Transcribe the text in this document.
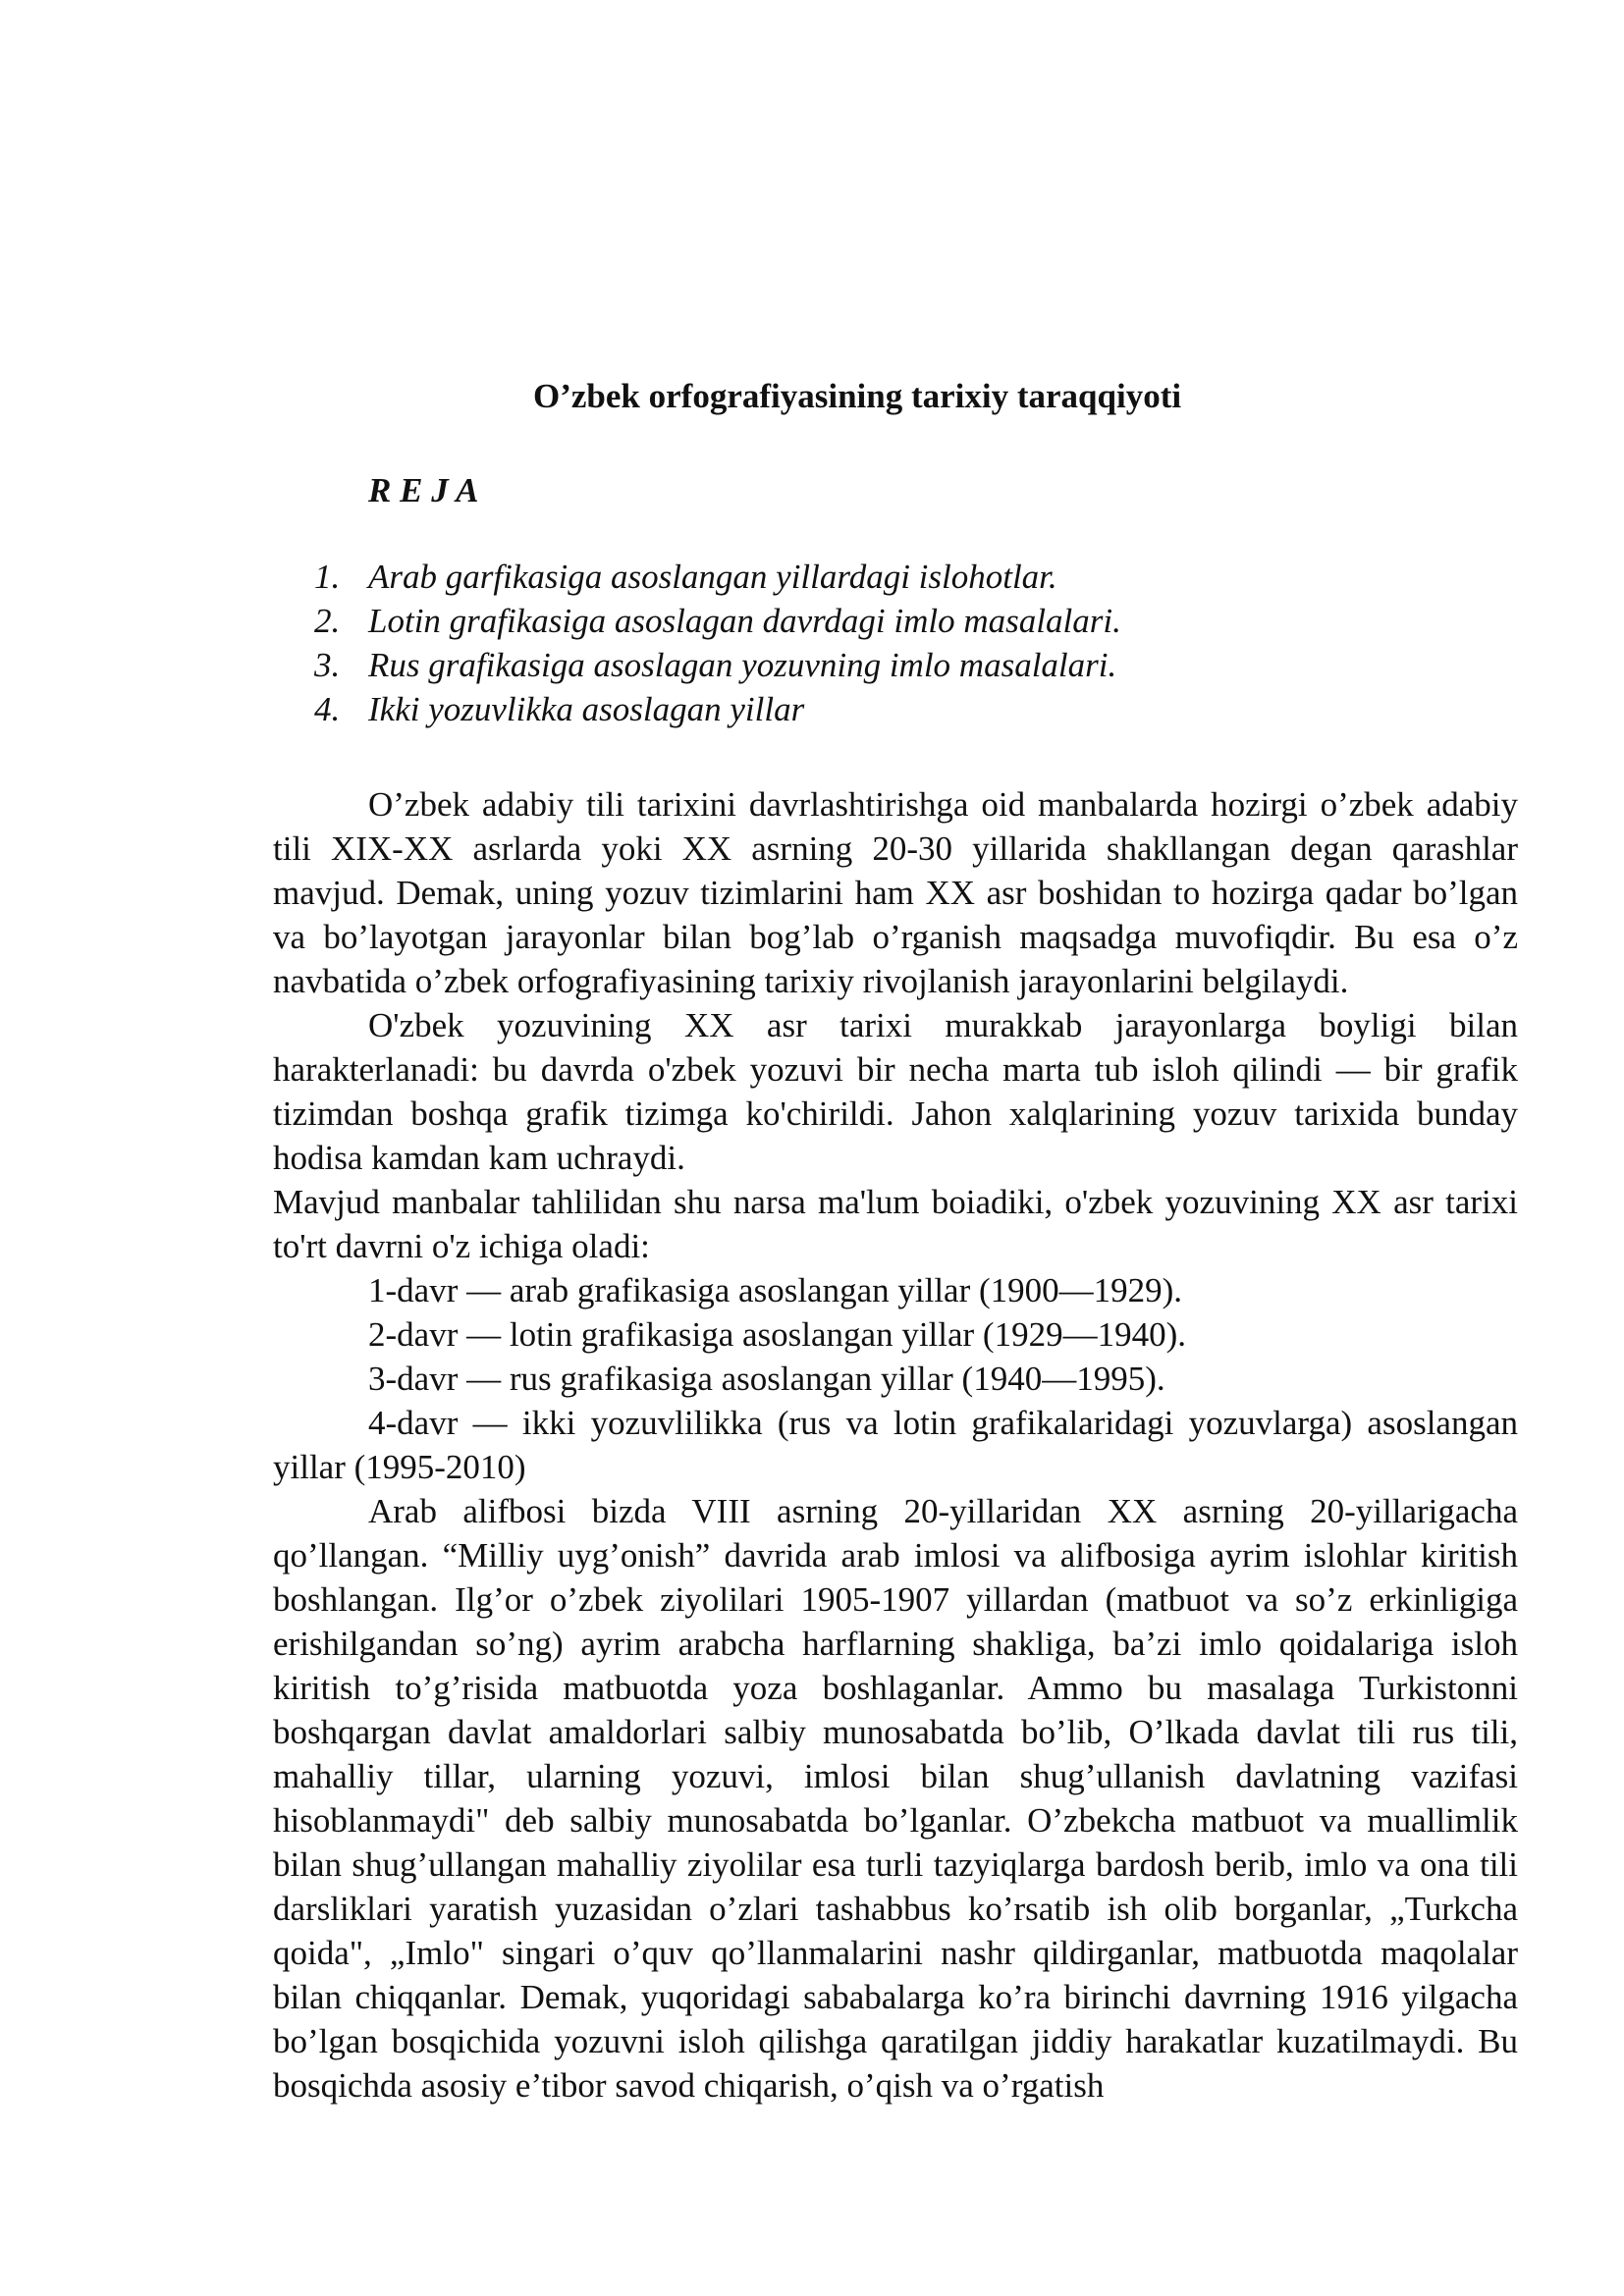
O’zbek orfografiyasining tarixiy taraqqiyoti
R E J A
1. Arab garfikasiga asoslangan yillardagi islohotlar.
2. Lotin grafikasiga asoslagan davrdagi imlo masalalari.
3. Rus grafikasiga asoslagan yozuvning imlo masalalari.
4. Ikki yozuvlikka asoslagan yillar

O’zbek adabiy tili tarixini davrlashtirishga oid manbalarda hozirgi o’zbek adabiy tili XIX-XX asrlarda yoki XX asrning 20-30 yillarida shakllangan degan qarashlar mavjud. Demak, uning yozuv tizimlarini ham XX asr boshidan to hozirga qadar bo’lgan va bo’layotgan jarayonlar bilan bog’lab o’rganish maqsadga muvofiqdir. Bu esa o’z navbatida o’zbek orfografiyasining tarixiy rivojlanish jarayonlarini belgilaydi.

O'zbek yozuvining XX asr tarixi murakkab jarayonlarga boyligi bilan harakterlanadi: bu davrda o'zbek yozuvi bir necha marta tub isloh qilindi — bir grafik tizimdan boshqa grafik tizimga ko'chirildi. Jahon xalqlarining yozuv tarixida bunday hodisa kamdan kam uchraydi.

Mavjud manbalar tahlilidan shu narsa ma'lum boiadiki, o'zbek yozuvining XX asr tarixi to'rt davrni o'z ichiga oladi:

1-davr — arab grafikasiga asoslangan yillar (1900—1929).

2-davr — lotin grafikasiga asoslangan yillar (1929—1940).

3-davr — rus grafikasiga asoslangan yillar (1940—1995).

4-davr — ikki yozuvlilikka (rus va lotin grafikalaridagi yozuvlarga) asoslangan yillar (1995-2010)

Arab alifbosi bizda VIII asrning 20-yillaridan XX asrning 20-yillarigacha qo’llangan. “Milliy uyg’onish” davrida arab imlosi va alifbosiga ayrim islohlar kiritish boshlangan. Ilg’or o’zbek ziyolilari 1905-1907 yillardan (matbuot va so’z erkinligiga erishilgandan so’ng) ayrim arabcha harflarning shakliga, ba’zi imlo qoidalariga isloh kiritish to’g’risida matbuotda yoza boshlaganlar. Ammo bu masalaga Turkistonni boshqargan davlat amaldorlari salbiy munosabatda bo’lib, O’lkada davlat tili rus tili, mahalliy tillar, ularning yozuvi, imlosi bilan shug’ullanish davlatning vazifasi hisoblanmaydi" deb salbiy munosabatda bo’lganlar. O’zbekcha matbuot va muallimlik bilan shug’ullangan mahalliy ziyolilar esa turli tazyiqlarga bardosh berib, imlo va ona tili darsliklari yaratish yuzasidan o’zlari tashabbus ko’rsatib ish olib borganlar, „Turkcha qoida", „Imlo" singari o’quv qo’llanmalarini nashr qildirganlar, matbuotda maqolalar bilan chiqqanlar. Demak, yuqoridagi sababalarga ko’ra birinchi davrning 1916 yilgacha bo’lgan bosqichida yozuvni isloh qilishga qaratilgan jiddiy harakatlar kuzatilmaydi. Bu bosqichda asosiy e’tibor savod chiqarish, o’qish va o’rgatish
